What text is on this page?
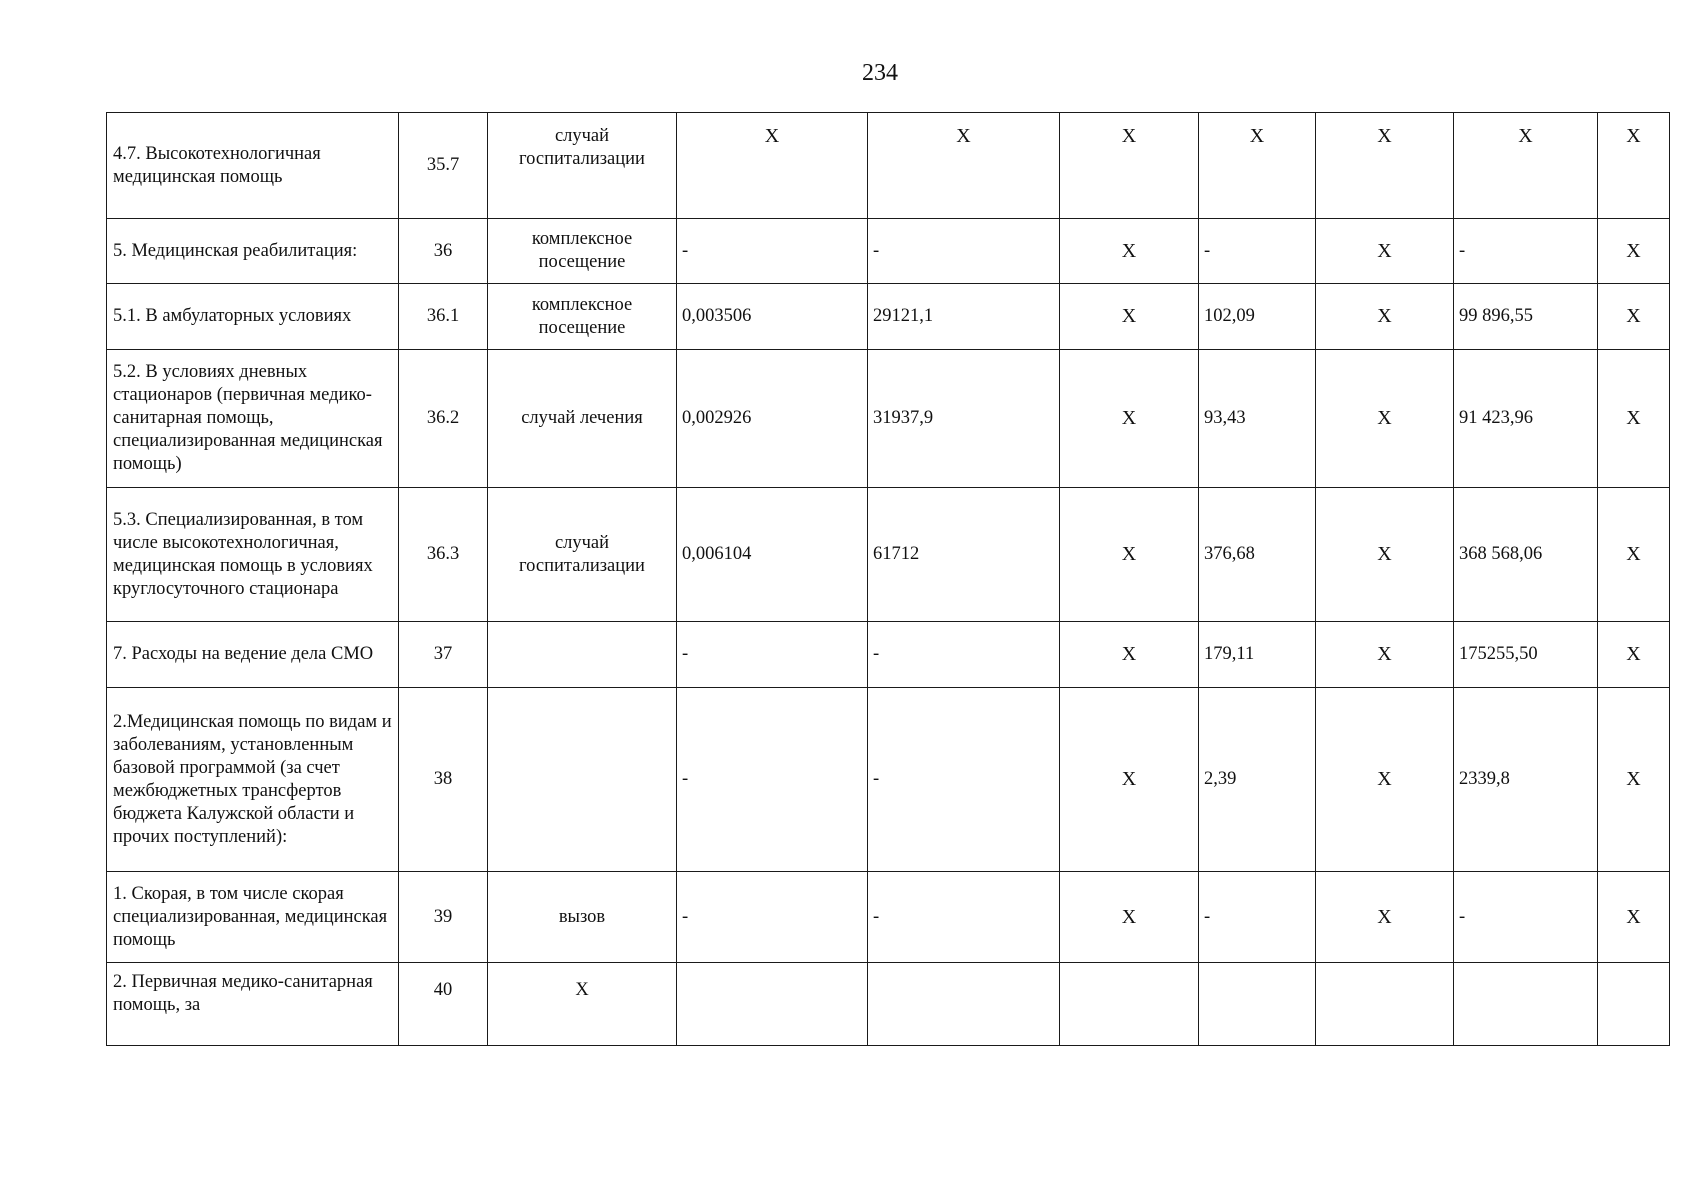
234
4.7. Высокотехнологичная медицинская помощь	35.7	случай госпитализации	X	X	X	X	X	X	X
5. Медицинская реабилитация:	36	комплексное посещение	-	-	X	-	X	-	X
5.1. В амбулаторных условиях	36.1	комплексное посещение	0,003506	29121,1	X	102,09	X	99 896,55	X
5.2. В условиях дневных стационаров (первичная медико-санитарная помощь, специализированная медицинская помощь)	36.2	случай лечения	0,002926	31937,9	X	93,43	X	91 423,96	X
5.3. Специализированная, в том числе высокотехнологичная, медицинская помощь в условиях круглосуточного стационара	36.3	случай госпитализации	0,006104	61712	X	376,68	X	368 568,06	X
7. Расходы на ведение дела СМО	37		-	-	X	179,11	X	175255,50	X
2.Медицинская помощь по видам и заболеваниям, установленным базовой программой (за счет межбюджетных трансфертов бюджета Калужской области и прочих поступлений):	38		-	-	X	2,39	X	2339,8	X
1. Скорая, в том числе скорая специализированная, медицинская помощь	39	вызов	-	-	X	-	X	-	X
2. Первичная медико-санитарная помощь, за	40	X							
